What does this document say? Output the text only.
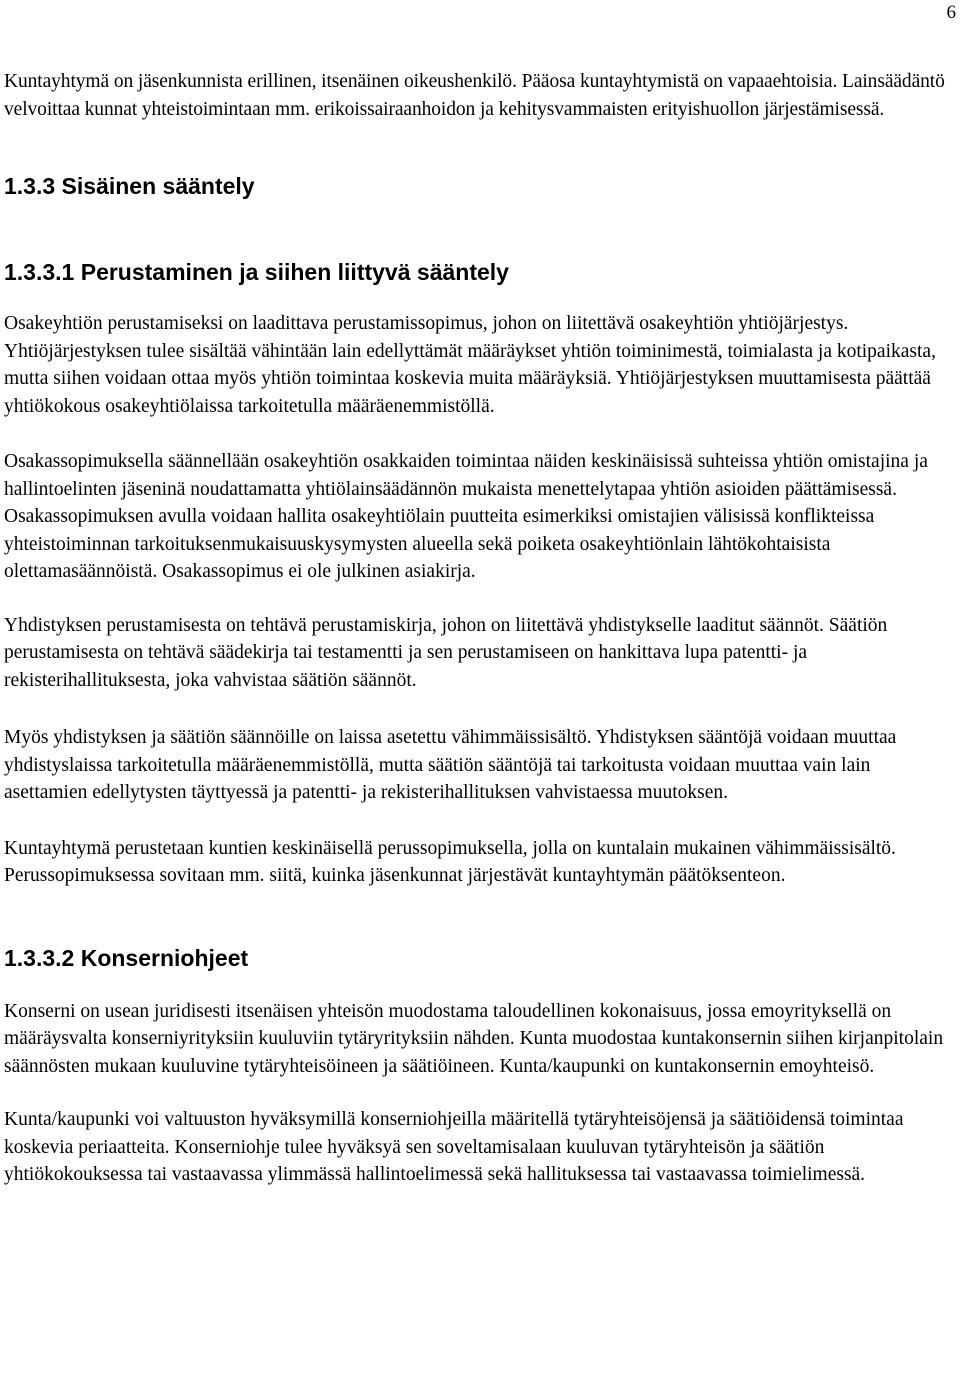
6

Kuntayhtymä on jäsenkunnista erillinen, itsenäinen oikeushenkilö. Pääosa kuntayhtymistä on vapaaehtoisia. Lainsäädäntö velvoittaa kunnat yhteistoimintaan mm. erikoissairaanhoidon ja kehitysvammaisten erityishuollon järjestämisessä.

1.3.3 Sisäinen sääntely
1.3.3.1 Perustaminen ja siihen liittyvä sääntely

Osakeyhtiön perustamiseksi on laadittava perustamissopimus, johon on liitettävä osakeyhtiön yhtiöjärjestys. Yhtiöjärjestyksen tulee sisältää vähintään lain edellyttämät määräykset yhtiön toiminimestä, toimialasta ja kotipaikasta, mutta siihen voidaan ottaa myös yhtiön toimintaa koskevia muita määräyksiä. Yhtiöjärjestyksen muuttamisesta päättää yhtiökokous osakeyhtiölaissa tarkoitetulla määräenemmistöllä.

Osakassopimuksella säännellään osakeyhtiön osakkaiden toimintaa näiden keskinäisissä suhteissa yhtiön omistajina ja hallintoelinten jäseninä noudattamatta yhtiölainsäädännön mukaista menettelytapaa yhtiön asioiden päättämisessä. Osakassopimuksen avulla voidaan hallita osakeyhtiölain puutteita esimerkiksi omistajien välisissä konflikteissa yhteistoiminnan tarkoituksenmukaisuuskysymysten alueella sekä poiketa osakeyhtiönlain lähtökohtaisista olettamasäännöistä. Osakassopimus ei ole julkinen asiakirja.

Yhdistyksen perustamisesta on tehtävä perustamiskirja, johon on liitettävä yhdistykselle laaditut säännöt. Säätiön perustamisesta on tehtävä säädekirja tai testamentti ja sen perustamiseen on hankittava lupa patentti- ja rekisterihallituksesta, joka vahvistaa säätiön säännöt.

Myös yhdistyksen ja säätiön säännöille on laissa asetettu vähimmäissisältö. Yhdistyksen sääntöjä voidaan muuttaa yhdistyslaissa tarkoitetulla määräenemmistöllä, mutta säätiön sääntöjä tai tarkoitusta voidaan muuttaa vain lain asettamien edellytysten täyttyessä ja patentti- ja rekisterihallituksen vahvistaessa muutoksen.

Kuntayhtymä perustetaan kuntien keskinäisellä perussopimuksella, jolla on kuntalain mukainen vähimmäissisältö. Perussopimuksessa sovitaan mm. siitä, kuinka jäsenkunnat järjestävät kuntayhtymän päätöksenteon.

1.3.3.2 Konserniohjeet

Konserni on usean juridisesti itsenäisen yhteisön muodostama taloudellinen kokonaisuus, jossa emoyrityksellä on määräysvalta konserniyrityksiin kuuluviin tytäryrityksiin nähden. Kunta muodostaa kuntakonsernin siihen kirjanpitolain säännösten mukaan kuuluvine tytäryhteisöineen ja säätiöineen. Kunta/kaupunki on kuntakonsernin emoyhteisö.

Kunta/kaupunki voi valtuuston hyväksymillä konserniohjeilla määritellä tytäryhteisöjensä ja säätiöidensä toimintaa koskevia periaatteita. Konserniohje tulee hyväksyä sen soveltamisalaan kuuluvan tytäryhteisön ja säätiön yhtiökokouksessa tai vastaavassa ylimmässä hallintoelimessä sekä hallituksessa tai vastaavassa toimielimessä.
